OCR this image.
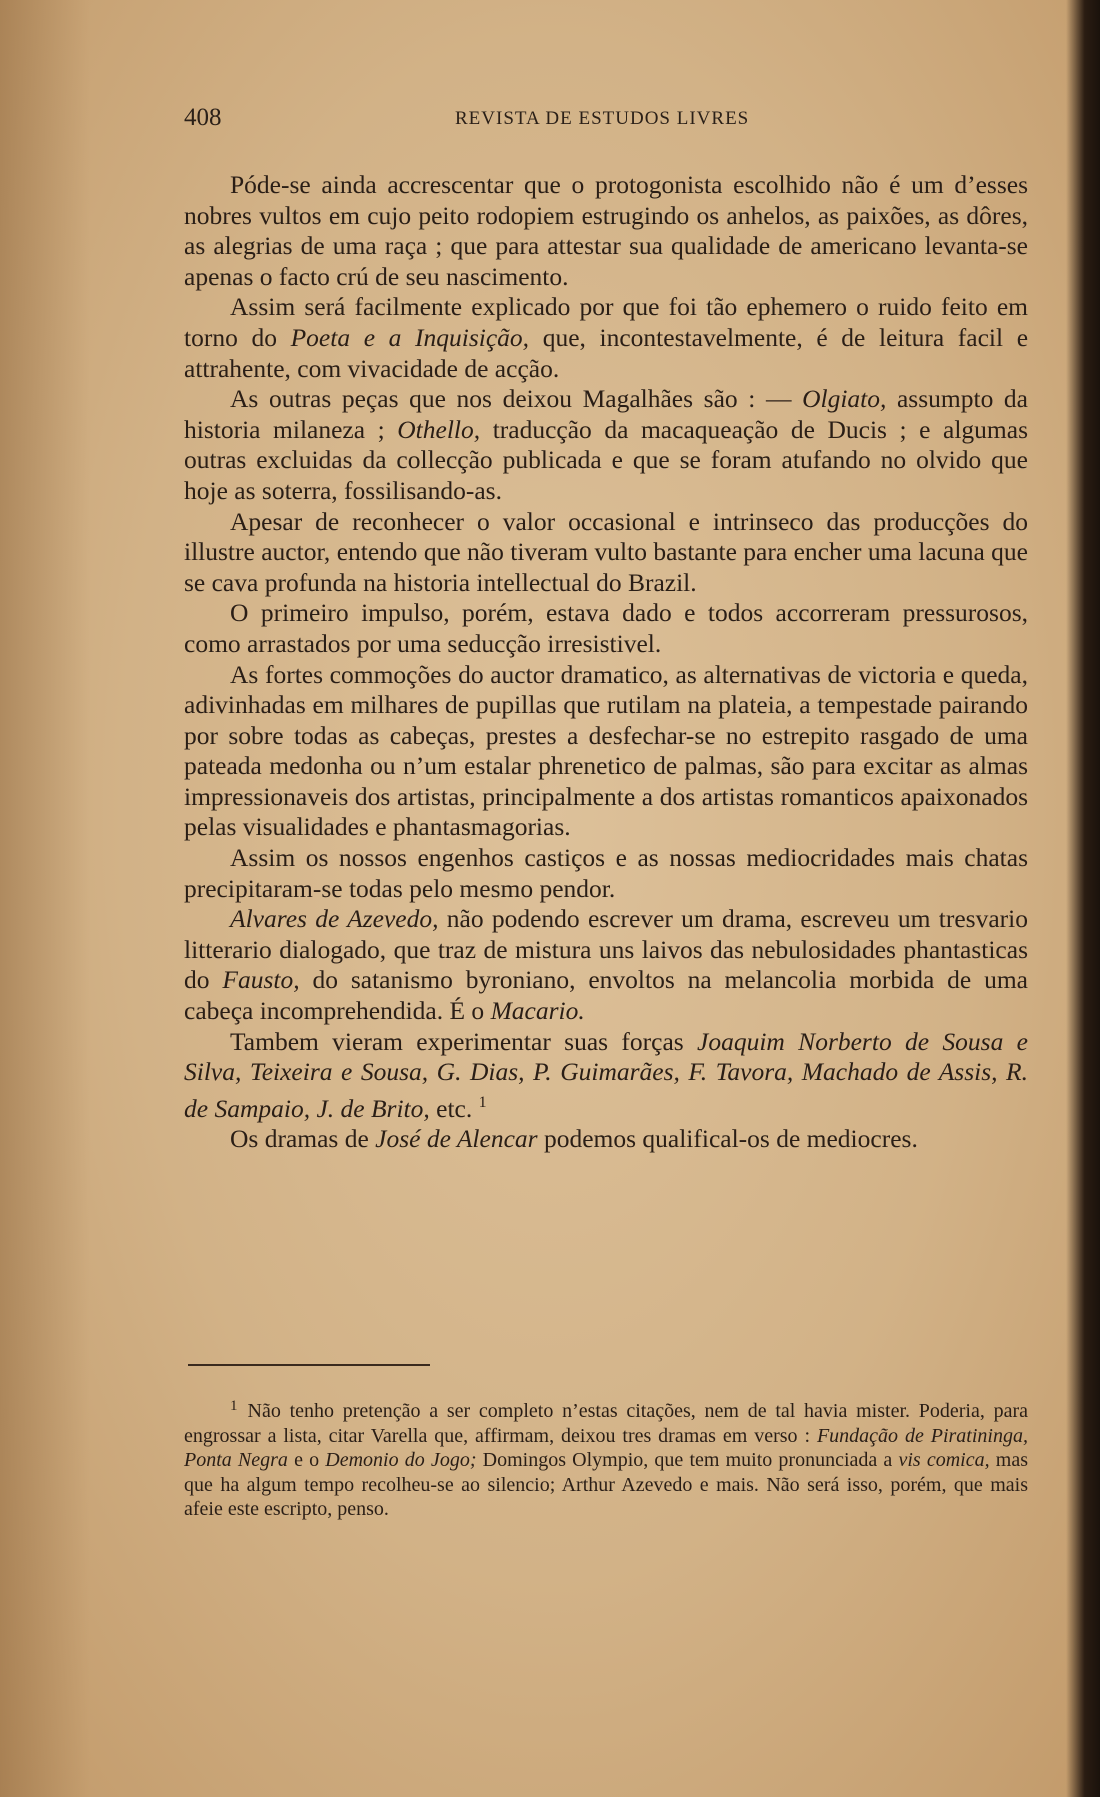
408	REVISTA DE ESTUDOS LIVRES

Póde-se ainda accrescentar que o protogonista escolhido não é um d’esses nobres vultos em cujo peito rodopiem estrugindo os anhelos, as paixões, as dôres, as alegrias de uma raça ; que para attestar sua qualidade de americano levanta-se apenas o facto crú de seu nascimento.

Assim será facilmente explicado por que foi tão ephemero o ruido feito em torno do Poeta e a Inquisição, que, incontestavelmente, é de leitura facil e attrahente, com vivacidade de acção.

As outras peças que nos deixou Magalhães são : — Olgiato, assumpto da historia milaneza ; Othello, traducção da macaqueação de Ducis ; e algumas outras excluidas da collecção publicada e que se foram atufando no olvido que hoje as soterra, fossilisando-as.

Apesar de reconhecer o valor occasional e intrinseco das producções do illustre auctor, entendo que não tiveram vulto bastante para encher uma lacuna que se cava profunda na historia intellectual do Brazil.

O primeiro impulso, porém, estava dado e todos accorreram pressurosos, como arrastados por uma seducção irresistivel.

As fortes commoções do auctor dramatico, as alternativas de victoria e queda, adivinhadas em milhares de pupillas que rutilam na plateia, a tempestade pairando por sobre todas as cabeças, prestes a desfechar-se no estrepito rasgado de uma pateada medonha ou n’um estalar phrenetico de palmas, são para excitar as almas impressionaveis dos artistas, principalmente a dos artistas romanticos apaixonados pelas visualidades e phantasmagorias.

Assim os nossos engenhos castiços e as nossas mediocridades mais chatas precipitaram-se todas pelo mesmo pendor.

Alvares de Azevedo, não podendo escrever um drama, escreveu um tresvario litterario dialogado, que traz de mistura uns laivos das nebulosidades phantasticas do Fausto, do satanismo byroniano, envoltos na melancolia morbida de uma cabeça incomprehendida. É o Macario.

Tambem vieram experimentar suas forças Joaquim Norberto de Sousa e Silva, Teixeira e Sousa, G. Dias, P. Guimarães, F. Tavora, Machado de Assis, R. de Sampaio, J. de Brito, etc. $^1$

Os dramas de José de Alencar podemos qualifical-os de mediocres.

$^1$ Não tenho pretenção a ser completo n’estas citações, nem de tal havia mister. Poderia, para engrossar a lista, citar Varella que, affirmam, deixou tres dramas em verso : Fundação de Piratininga, Ponta Negra e o Demonio do Jogo; Domingos Olympio, que tem muito pronunciada a vis comica, mas que ha algum tempo recolheu-se ao silencio; Arthur Azevedo e mais. Não será isso, porém, que mais afeie este escripto, penso.
